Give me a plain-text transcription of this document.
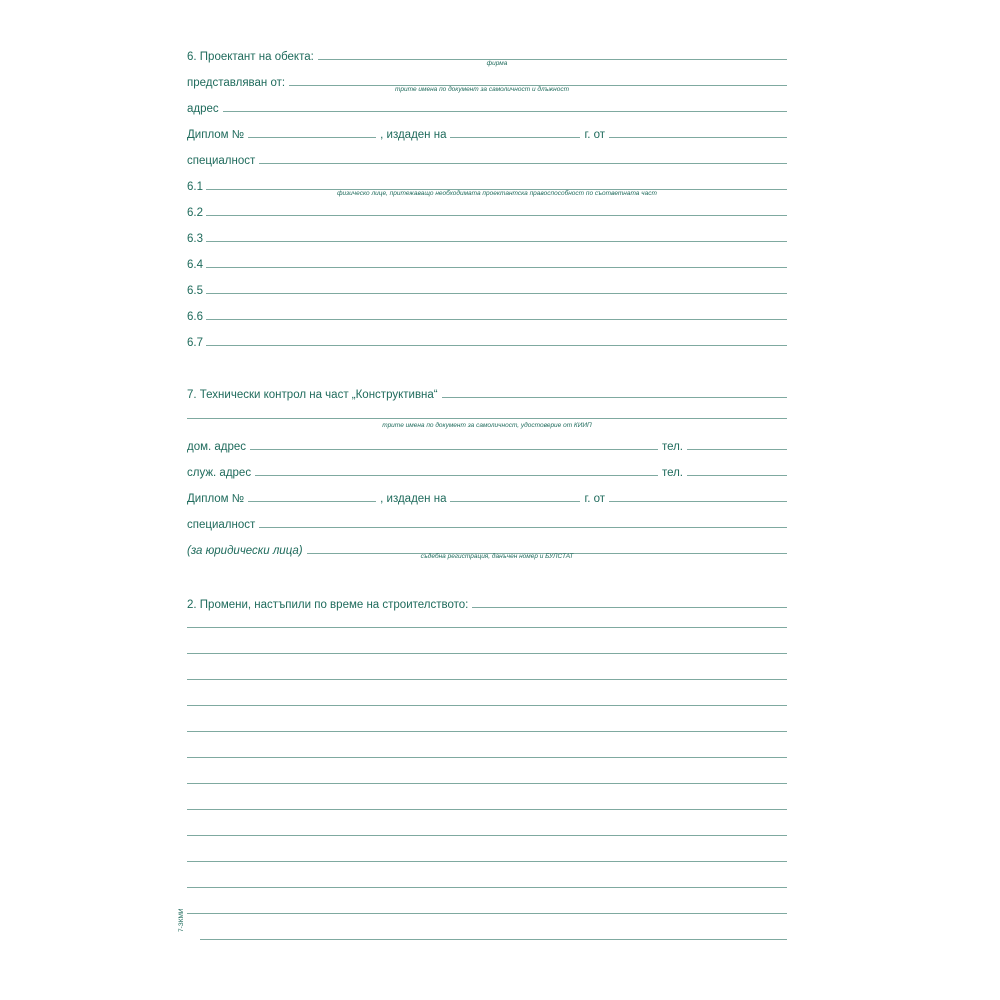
6. Проектант на обекта:
фирма
представляван от:
трите имена по документ за самоличност и длъжност
адрес
Диплом №	, издаден на	г. от
специалност
6.1
физическо лице, притежаващо необходимата проектантска правоспособност по съответната част
6.2
6.3
6.4
6.5
6.6
6.7
7. Технически контрол на част „Конструктивна“
трите имена по документ за самоличност, удостоверие от КИИП
дом. адрес	тел.
служ. адрес	тел.
Диплом №	, издаден на	г. от
специалност
(за юридически лица)	съдебна регистрация, данъчен номер и БУЛСТАТ
2. Промени, настъпили по време на строителството:
7-ЗКМИ
